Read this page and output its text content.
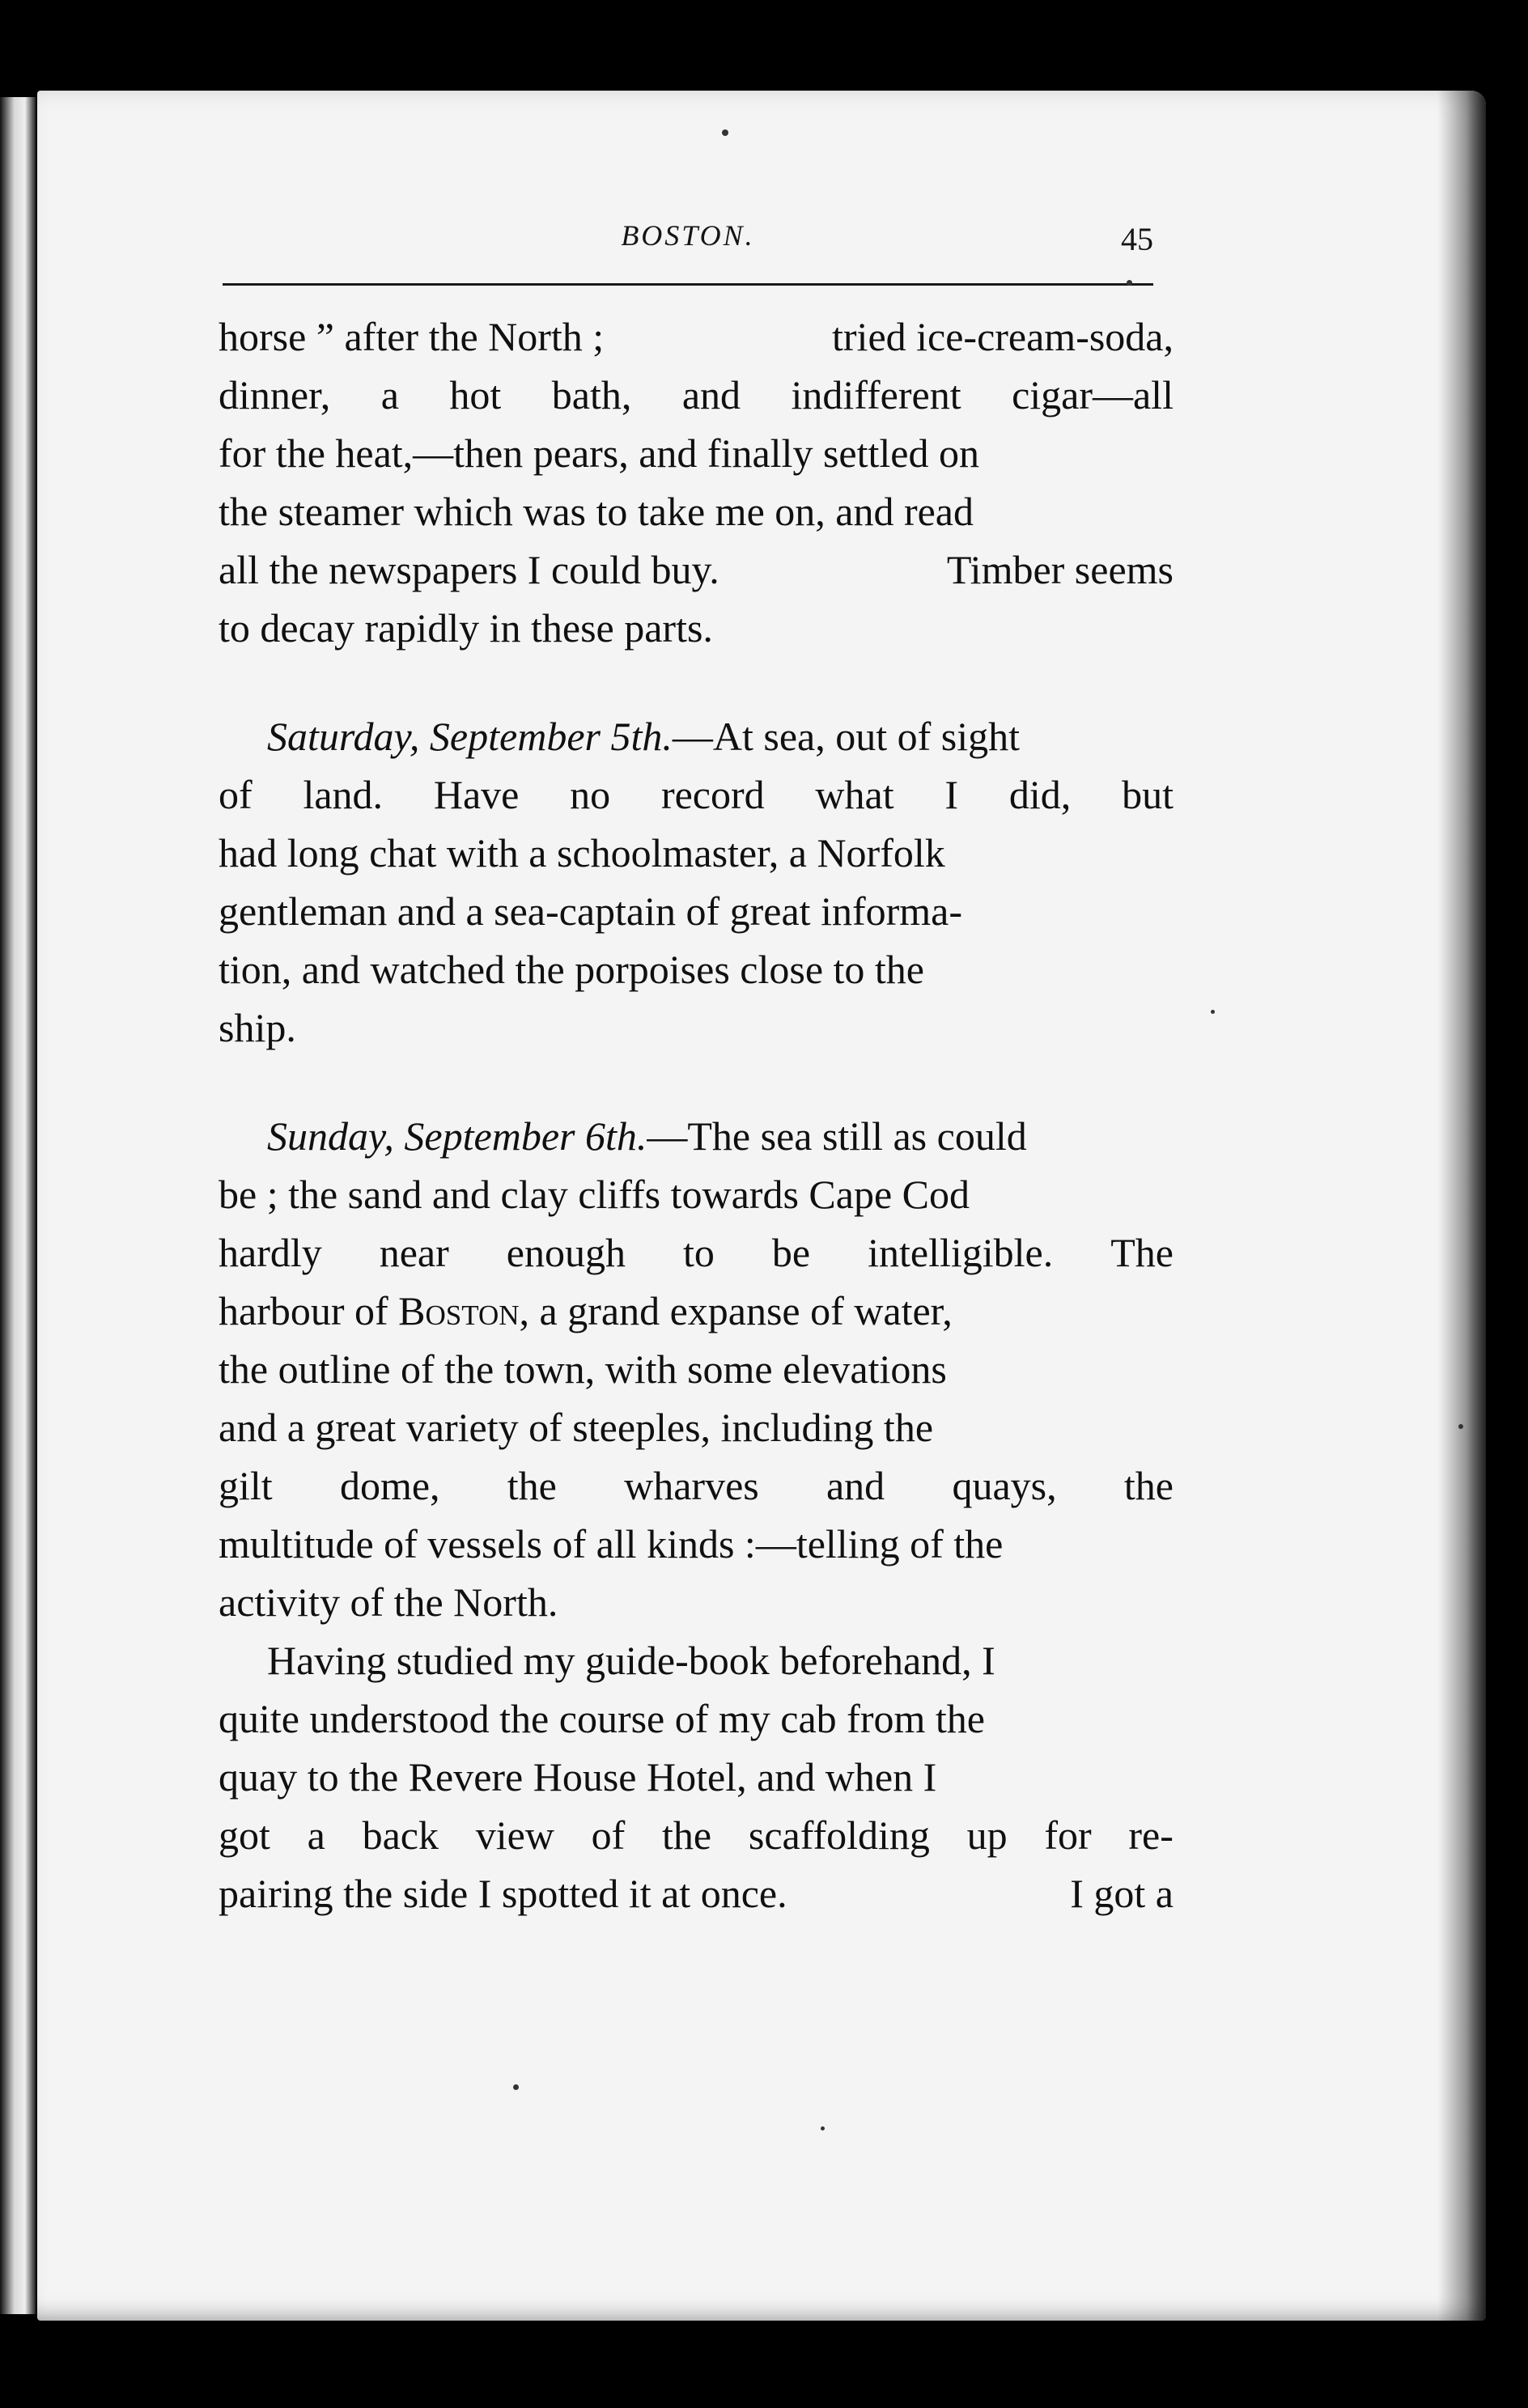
BOSTON.	45
horse ” after the North ;	tried ice-cream-soda,
dinner, a hot bath, and indifferent cigar—all
for the heat,—then pears, and finally settled on
the steamer which was to take me on, and read
all the newspapers I could buy.	Timber seems
to decay rapidly in these parts.
Saturday, September 5th.—At sea, out of sight
of land. Have no record what I did, but
had long chat with a schoolmaster, a Norfolk
gentleman and a sea-captain of great informa-
tion, and watched the porpoises close to the
ship.
Sunday, September 6th.—The sea still as could
be ; the sand and clay cliffs towards Cape Cod
hardly near enough to be intelligible. The
harbour of Boston, a grand expanse of water,
the outline of the town, with some elevations
and a great variety of steeples, including the
gilt dome, the wharves and quays, the
multitude of vessels of all kinds :—telling of the
activity of the North.
Having studied my guide-book beforehand, I
quite understood the course of my cab from the
quay to the Revere House Hotel, and when I
got a back view of the scaffolding up for re-
pairing the side I spotted it at once.	I got a
